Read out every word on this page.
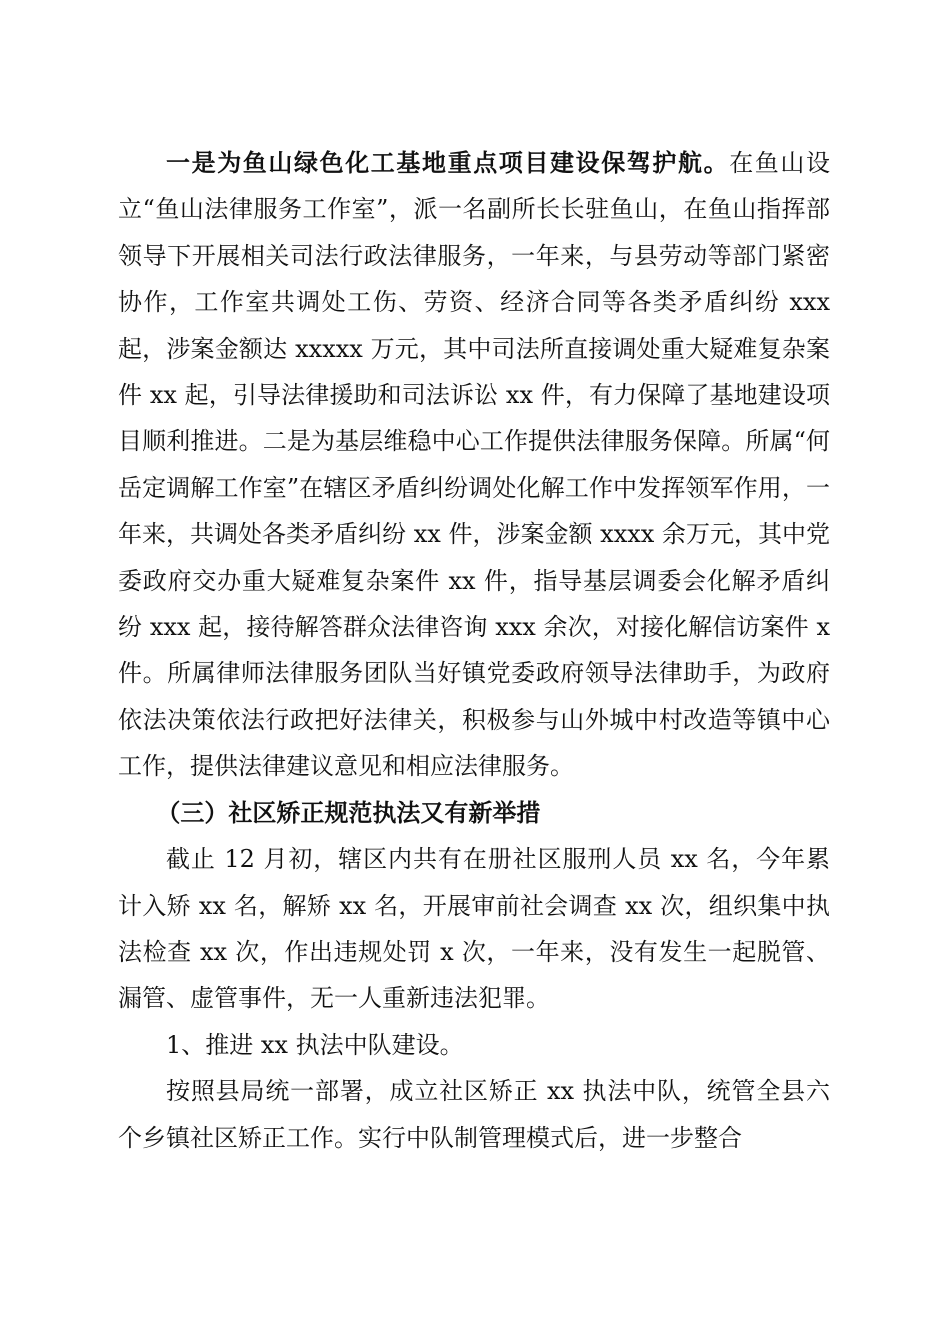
一是为鱼山绿色化工基地重点项目建设保驾护航。在鱼山设立“鱼山法律服务工作室”，派一名副所长长驻鱼山，在鱼山指挥部领导下开展相关司法行政法律服务，一年来，与县劳动等部门紧密协作，工作室共调处工伤、劳资、经济合同等各类矛盾纠纷 xxx 起，涉案金额达 xxxxx 万元，其中司法所直接调处重大疑难复杂案件 xx 起，引导法律援助和司法诉讼 xx 件，有力保障了基地建设项目顺利推进。二是为基层维稳中心工作提供法律服务保障。所属“何岳定调解工作室”在辖区矛盾纠纷调处化解工作中发挥领军作用，一年来，共调处各类矛盾纠纷 xx 件，涉案金额 xxxx 余万元，其中党委政府交办重大疑难复杂案件 xx 件，指导基层调委会化解矛盾纠纷 xxx 起，接待解答群众法律咨询 xxx 余次，对接化解信访案件 x 件。所属律师法律服务团队当好镇党委政府领导法律助手，为政府依法决策依法行政把好法律关，积极参与山外城中村改造等镇中心工作，提供法律建议意见和相应法律服务。

（三）社区矫正规范执法又有新举措

截止 12 月初，辖区内共有在册社区服刑人员 xx 名，今年累计入矫 xx 名，解矫 xx 名，开展审前社会调查 xx 次，组织集中执法检查 xx 次，作出违规处罚 x 次，一年来，没有发生一起脱管、漏管、虚管事件，无一人重新违法犯罪。

1、推进 xx 执法中队建设。

按照县局统一部署，成立社区矫正 xx 执法中队，统管全县六个乡镇社区矫正工作。实行中队制管理模式后，进一步整合
